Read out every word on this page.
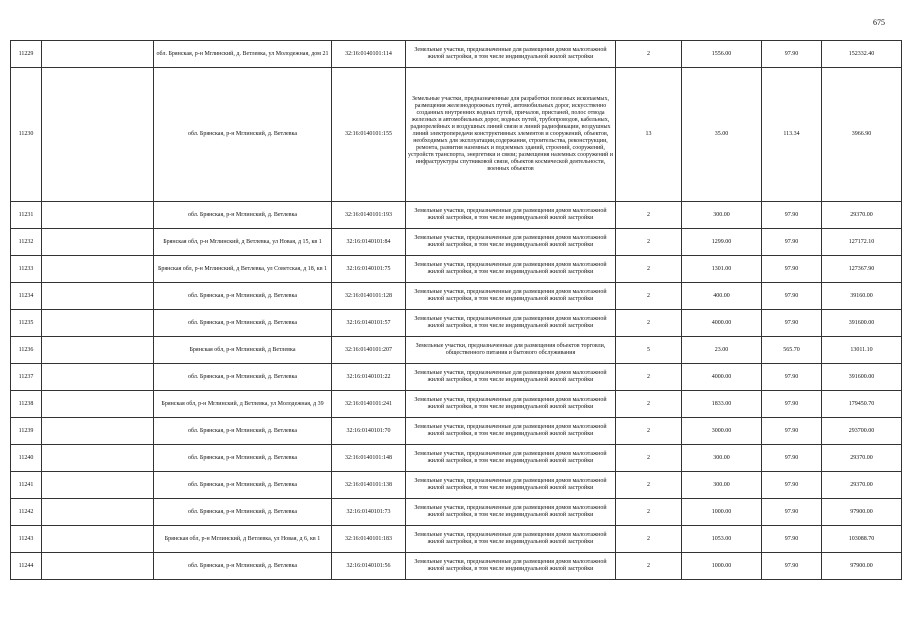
675
11229		обл. Брянская, р-н Мглинский, д. Ветлевка, ул Молодежная, дом 21	32:16:0140101:114	Земельные участки, предназначенные для размещения домов малоэтажной жилой застройки, в том числе индивидуальной жилой застройки	2	1556.00	97.90	152332.40
11230		обл. Брянская, р-н Мглинский, д. Ветлевка	32:16:0140101:155	Земельные участки, предназначенные для разработки полезных ископаемых, размещения железнодорожных путей, автомобильных дорог, искусственно созданных внутренних водных путей, причалов, пристаней, полос отвода железных и автомобильных дорог, водных путей, трубопроводов, кабельных, радиорелейных и воздушных линий связи и линий радиофикации, воздушных линий электропередачи конструктивных элементов и сооружений, объектов, необходимых для эксплуатации,содержания, строительства, реконструкции, ремонта, развития наземных и подземных зданий, строений, сооружений, устройств транспорта, энергетики и связи; размещения наземных сооружений и инфраструктуры спутниковой связи, объектов космической деятельности, военных объектов	13	35.00	113.34	3966.90
11231		обл. Брянская, р-н Мглинский, д. Ветлевка	32:16:0140101:193	Земельные участки, предназначенные для размещения домов малоэтажной жилой застройки, в том числе индивидуальной жилой застройки	2	300.00	97.90	29370.00
11232		Брянская обл, р-н Мглинский, д Ветлевка, ул Новая, д 15, кв 1	32:16:0140101:84	Земельные участки, предназначенные для размещения домов малоэтажной жилой застройки, в том числе индивидуальной жилой застройки	2	1299.00	97.90	127172.10
11233		Брянская обл, р-н Мглинский, д Ветлевка, ул Советская, д 18, кв 1	32:16:0140101:75	Земельные участки, предназначенные для размещения домов малоэтажной жилой застройки, в том числе индивидуальной жилой застройки	2	1301.00	97.90	127367.90
11234		обл. Брянская, р-н Мглинский, д. Ветлевка	32:16:0140101:128	Земельные участки, предназначенные для размещения домов малоэтажной жилой застройки, в том числе индивидуальной жилой застройки	2	400.00	97.90	39160.00
11235		обл. Брянская, р-н Мглинский, д. Ветлевка	32:16:0140101:57	Земельные участки, предназначенные для размещения домов малоэтажной жилой застройки, в том числе индивидуальной жилой застройки	2	4000.00	97.90	391600.00
11236		Брянская обл, р-н Мглинский, д Ветлевка	32:16:0140101:207	Земельные участки, предназначенные для размещения объектов торговли, общественного питания и бытового обслуживания	5	23.00	565.70	13011.10
11237		обл. Брянская, р-н Мглинский, д. Ветлевка	32:16:0140101:22	Земельные участки, предназначенные для размещения домов малоэтажной жилой застройки, в том числе индивидуальной жилой застройки	2	4000.00	97.90	391600.00
11238		Брянская обл, р-н Мглинский, д Ветлевка, ул Молодежная, д 39	32:16:0140101:241	Земельные участки, предназначенные для размещения домов малоэтажной жилой застройки, в том числе индивидуальной жилой застройки	2	1833.00	97.90	179450.70
11239		обл. Брянская, р-н Мглинский, д. Ветлевка	32:16:0140101:70	Земельные участки, предназначенные для размещения домов малоэтажной жилой застройки, в том числе индивидуальной жилой застройки	2	3000.00	97.90	293700.00
11240		обл. Брянская, р-н Мглинский, д. Ветлевка	32:16:0140101:148	Земельные участки, предназначенные для размещения домов малоэтажной жилой застройки, в том числе индивидуальной жилой застройки	2	300.00	97.90	29370.00
11241		обл. Брянская, р-н Мглинский, д. Ветлевка	32:16:0140101:138	Земельные участки, предназначенные для размещения домов малоэтажной жилой застройки, в том числе индивидуальной жилой застройки	2	300.00	97.90	29370.00
11242		обл. Брянская, р-н Мглинский, д. Ветлевка	32:16:0140101:73	Земельные участки, предназначенные для размещения домов малоэтажной жилой застройки, в том числе индивидуальной жилой застройки	2	1000.00	97.90	97900.00
11243		Брянская обл, р-н Мглинский, д Ветлевка, ул Новая, д 6, кв 1	32:16:0140101:183	Земельные участки, предназначенные для размещения домов малоэтажной жилой застройки, в том числе индивидуальной жилой застройки	2	1053.00	97.90	103088.70
11244		обл. Брянская, р-н Мглинский, д. Ветлевка	32:16:0140101:56	Земельные участки, предназначенные для размещения домов малоэтажной жилой застройки, в том числе индивидуальной жилой застройки	2	1000.00	97.90	97900.00
